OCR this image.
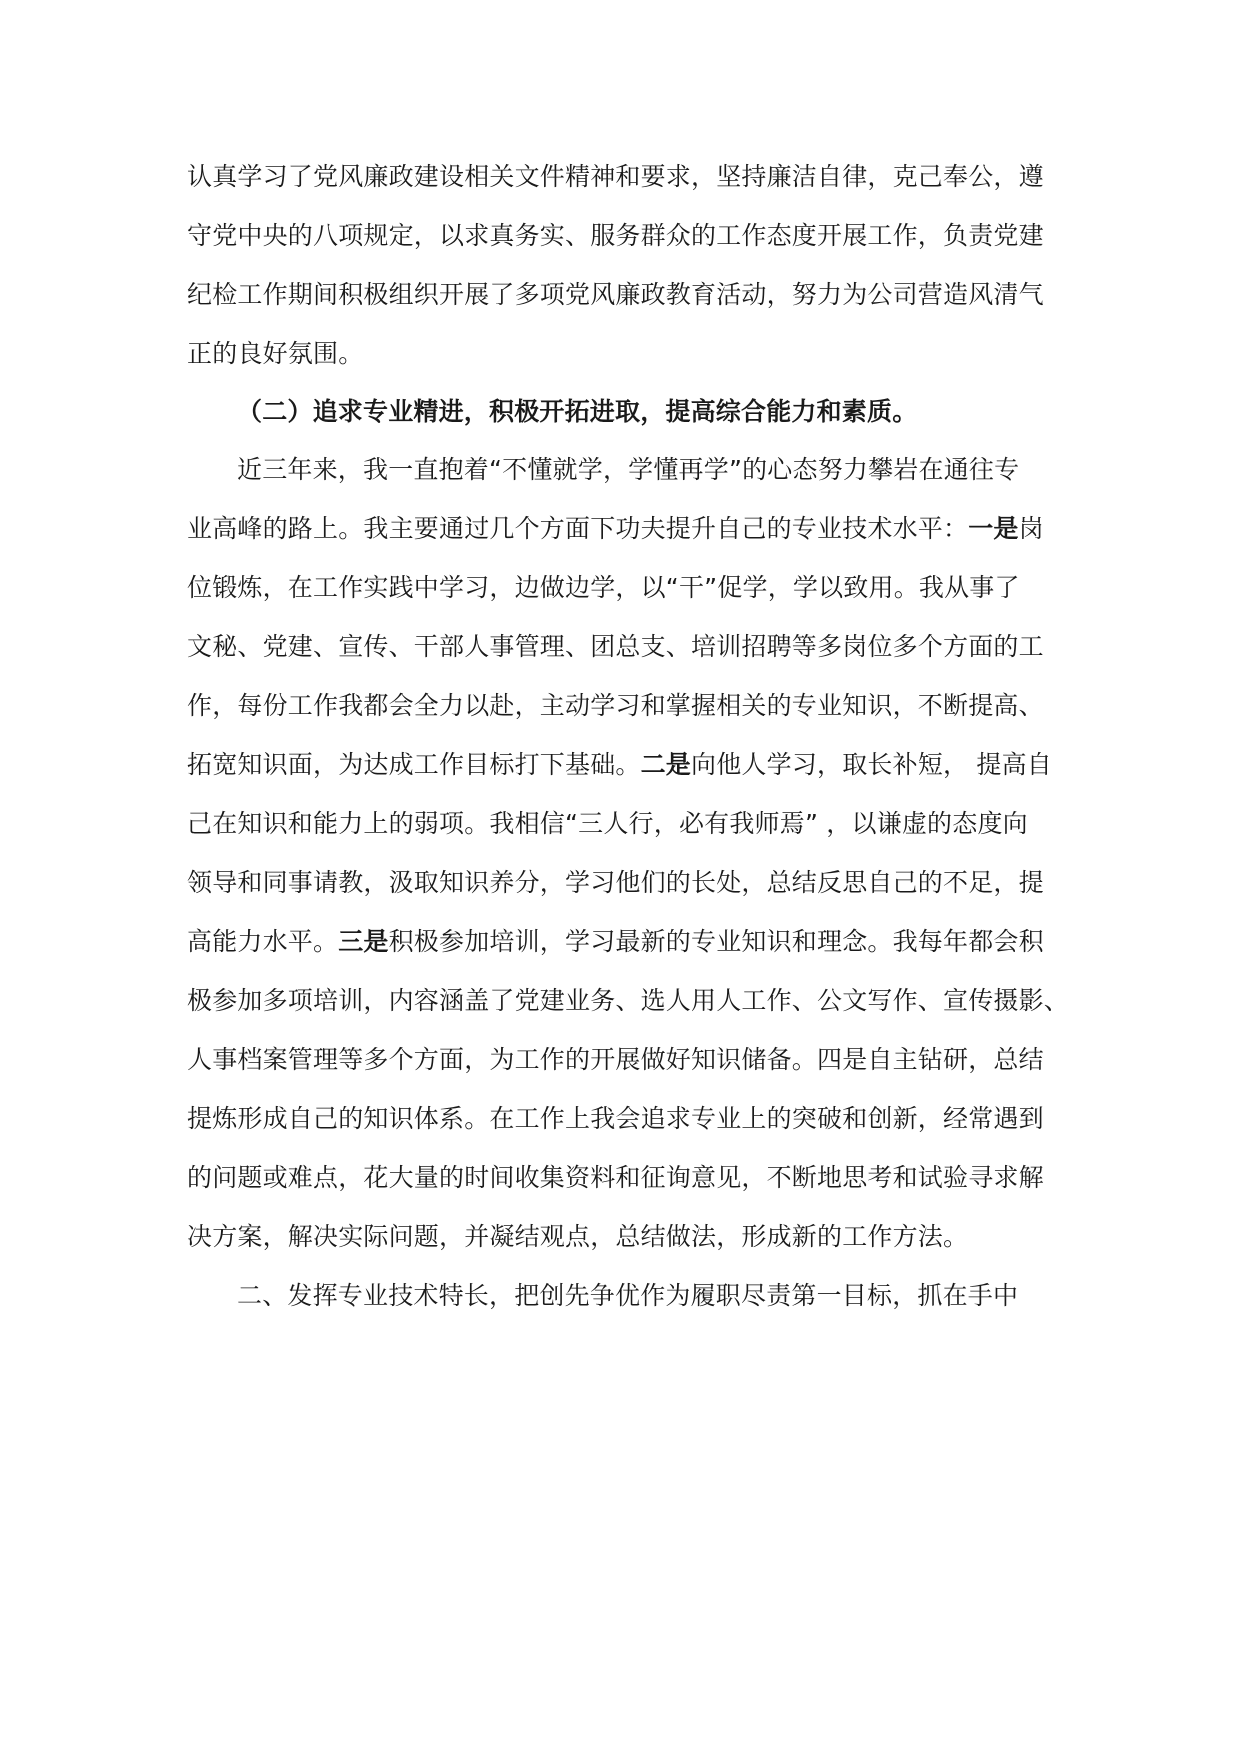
认真学习了党风廉政建设相关文件精神和要求，坚持廉洁自律，克己奉公，遵
守党中央的八项规定，以求真务实、服务群众的工作态度开展工作，负责党建
纪检工作期间积极组织开展了多项党风廉政教育活动，努力为公司营造风清气
正的良好氛围。
（二）追求专业精进，积极开拓进取，提高综合能力和素质。
近三年来，我一直抱着“不懂就学，学懂再学”的心态努力攀岩在通往专
业高峰的路上。我主要通过几个方面下功夫提升自己的专业技术水平：一是岗
位锻炼，在工作实践中学习，边做边学，以“干”促学，学以致用。我从事了
文秘、党建、宣传、干部人事管理、团总支、培训招聘等多岗位多个方面的工
作，每份工作我都会全力以赴，主动学习和掌握相关的专业知识，不断提高、
拓宽知识面，为达成工作目标打下基础。二是向他人学习，取长补短， 提高自
己在知识和能力上的弱项。我相信“三人行，必有我师焉” ，以谦虚的态度向
领导和同事请教，汲取知识养分，学习他们的长处，总结反思自己的不足，提
高能力水平。三是积极参加培训，学习最新的专业知识和理念。我每年都会积
极参加多项培训，内容涵盖了党建业务、选人用人工作、公文写作、宣传摄影、
人事档案管理等多个方面，为工作的开展做好知识储备。四是自主钻研，总结
提炼形成自己的知识体系。在工作上我会追求专业上的突破和创新，经常遇到
的问题或难点，花大量的时间收集资料和征询意见，不断地思考和试验寻求解
决方案，解决实际问题，并凝结观点，总结做法，形成新的工作方法。
二、发挥专业技术特长，把创先争优作为履职尽责第一目标，抓在手中
